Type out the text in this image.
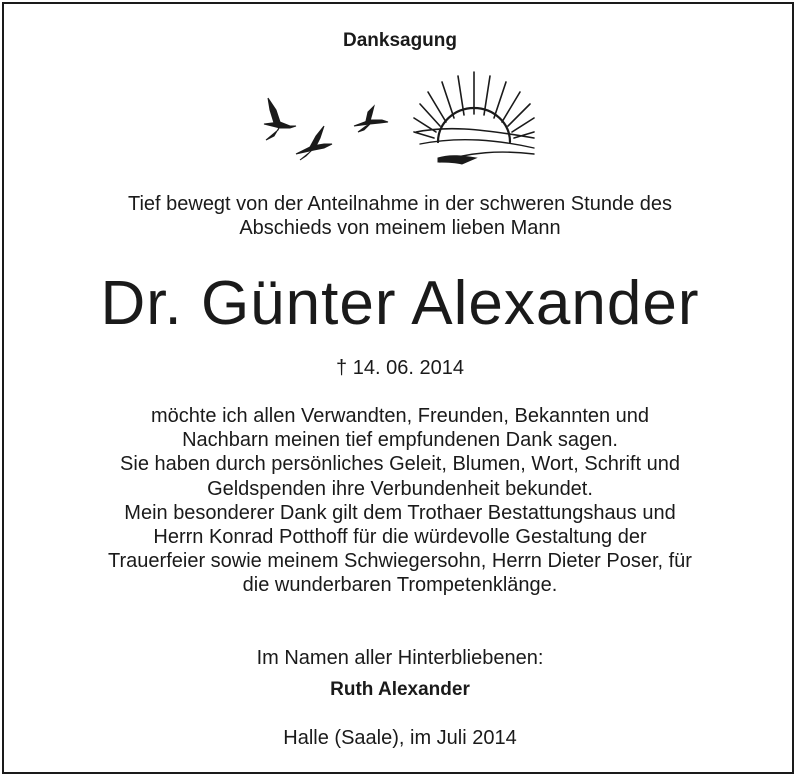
Danksagung
Tief bewegt von der Anteilnahme in der schweren Stunde des
Abschieds von meinem lieben Mann
Dr. Günter Alexander
† 14. 06. 2014
möchte ich allen Verwandten, Freunden, Bekannten und
Nachbarn meinen tief empfundenen Dank sagen.
Sie haben durch persönliches Geleit, Blumen, Wort, Schrift und
Geldspenden ihre Verbundenheit bekundet.
Mein besonderer Dank gilt dem Trothaer Bestattungshaus und
Herrn Konrad Potthoff für die würdevolle Gestaltung der
Trauerfeier sowie meinem Schwiegersohn, Herrn Dieter Poser, für
die wunderbaren Trompetenklänge.
Im Namen aller Hinterbliebenen:
Ruth Alexander
Halle (Saale), im Juli 2014
